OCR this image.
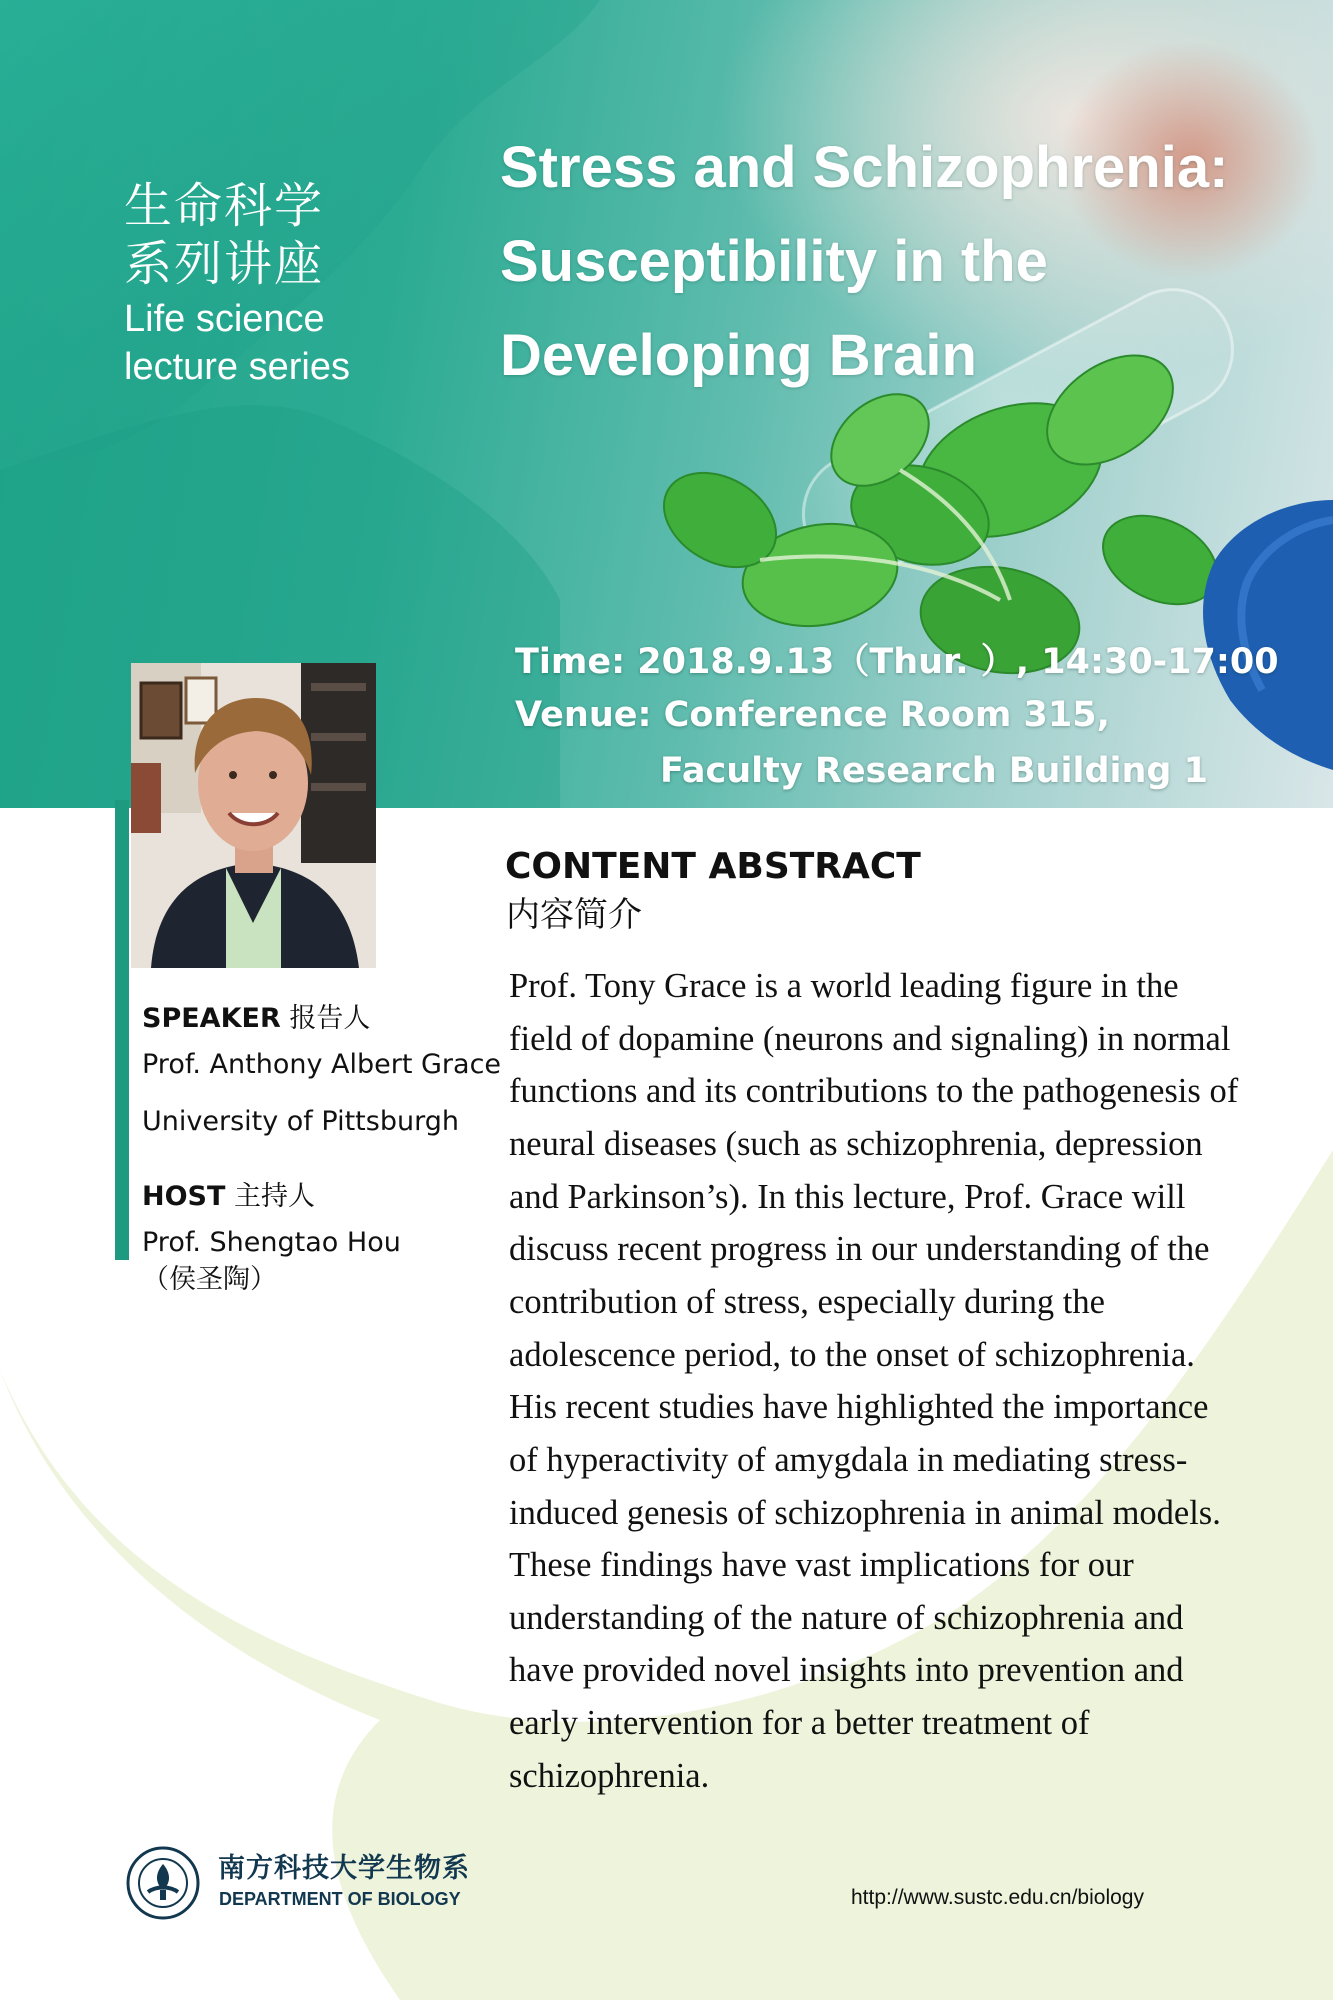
生命科学
系列讲座
Life science
lecture series
Stress and Schizophrenia:
Susceptibility in the
Developing Brain
Time: 2018.9.13（Thur. ）, 14:30-17:00
Venue: Conference Room 315,
Faculty Research Building 1
SPEAKER 报告人
Prof. Anthony Albert Grace
University of Pittsburgh
HOST 主持人
Prof. Shengtao Hou
（侯圣陶）
CONTENT ABSTRACT
内容简介
Prof. Tony Grace is a world leading figure in the
field of dopamine (neurons and signaling) in normal
functions and its contributions to the pathogenesis of
neural diseases (such as schizophrenia, depression
and Parkinson’s). In this lecture, Prof. Grace will
discuss recent progress in our understanding of the
contribution of stress, especially during the
adolescence period, to the onset of schizophrenia.
His recent studies have highlighted the importance
of hyperactivity of amygdala in mediating stress-
induced genesis of schizophrenia in animal models.
These findings have vast implications for our
understanding of the nature of schizophrenia and
have provided novel insights into prevention and
early intervention for a better treatment of
schizophrenia.
南方科技大学生物系
DEPARTMENT OF BIOLOGY	http://www.sustc.edu.cn/biology
